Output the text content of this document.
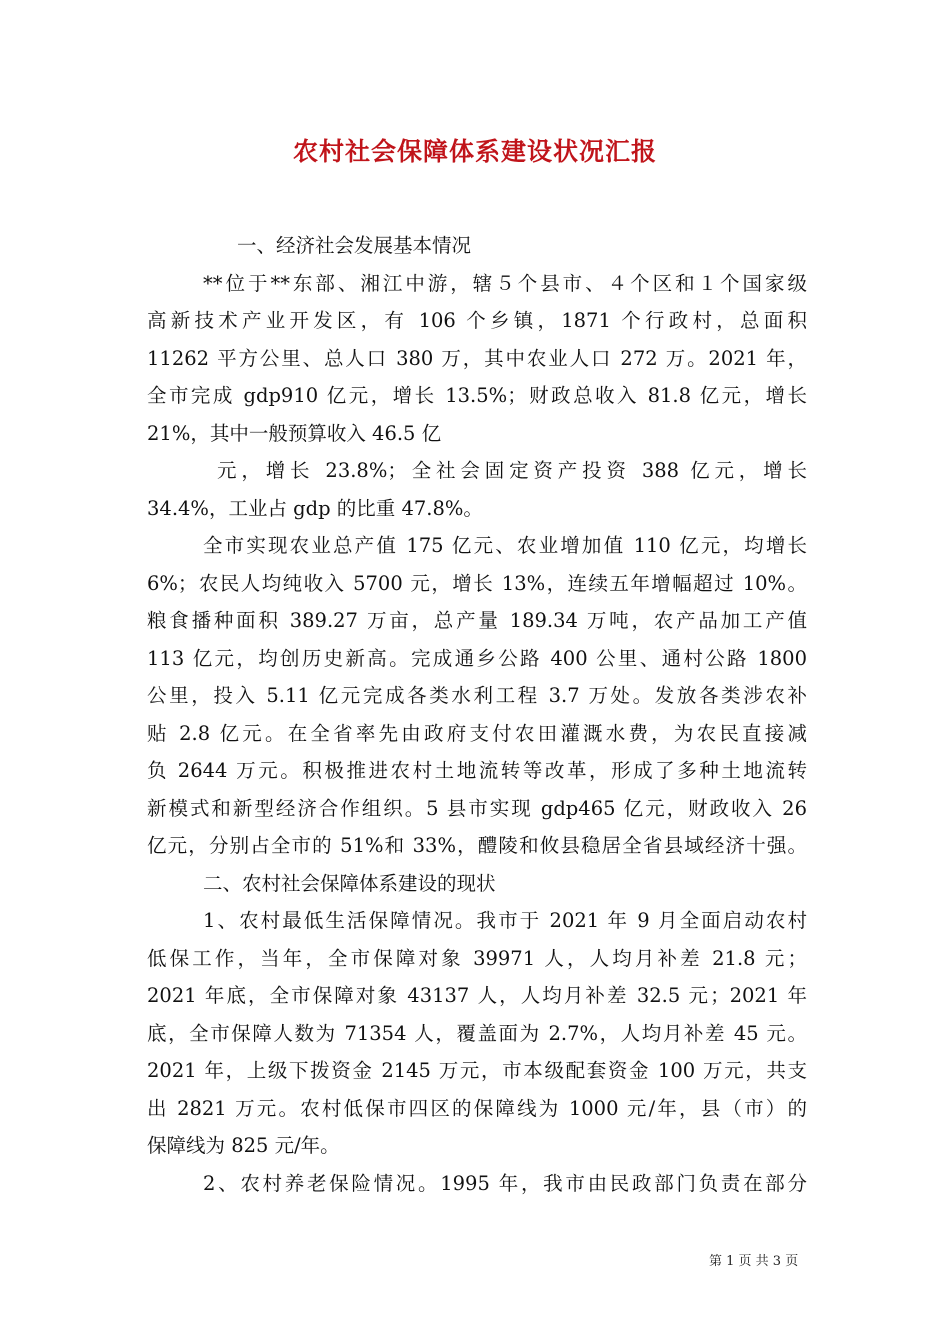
农村社会保障体系建设状况汇报
一、经济社会发展基本情况
**位于**东部、湘江中游，辖５个县市、４个区和１个国家级
高新技术产业开发区，有 106 个乡镇，1871 个行政村，总面积
11262 平方公里、总人口 380 万，其中农业人口 272 万。2021 年，
全市完成 gdp910 亿元，增长 13.5%；财政总收入 81.8 亿元，增长
21%，其中一般预算收入 46.5 亿
元，增长 23.8%；全社会固定资产投资 388 亿元，增长
34.4%，工业占 gdp 的比重 47.8%。
全市实现农业总产值 175 亿元、农业增加值 110 亿元，均增长
6%；农民人均纯收入 5700 元，增长 13%，连续五年增幅超过 10%。
粮食播种面积 389.27 万亩，总产量 189.34 万吨，农产品加工产值
113 亿元，均创历史新高。完成通乡公路 400 公里、通村公路 1800
公里，投入 5.11 亿元完成各类水利工程 3.7 万处。发放各类涉农补
贴 2.8 亿元。在全省率先由政府支付农田灌溉水费，为农民直接减
负 2644 万元。积极推进农村土地流转等改革，形成了多种土地流转
新模式和新型经济合作组织。5 县市实现 gdp465 亿元，财政收入 26
亿元，分别占全市的 51%和 33%，醴陵和攸县稳居全省县域经济十强。
二、农村社会保障体系建设的现状
1、农村最低生活保障情况。我市于 2021 年 9 月全面启动农村
低保工作，当年，全市保障对象 39971 人，人均月补差 21.8 元；
2021 年底，全市保障对象 43137 人，人均月补差 32.5 元；2021 年
底，全市保障人数为 71354 人，覆盖面为 2.7%，人均月补差 45 元。
2021 年，上级下拨资金 2145 万元，市本级配套资金 100 万元，共支
出 2821 万元。农村低保市四区的保障线为 1000 元/年，县（市）的
保障线为 825 元/年。
2、农村养老保险情况。1995 年，我市由民政部门负责在部分
第 1 页 共 3 页
